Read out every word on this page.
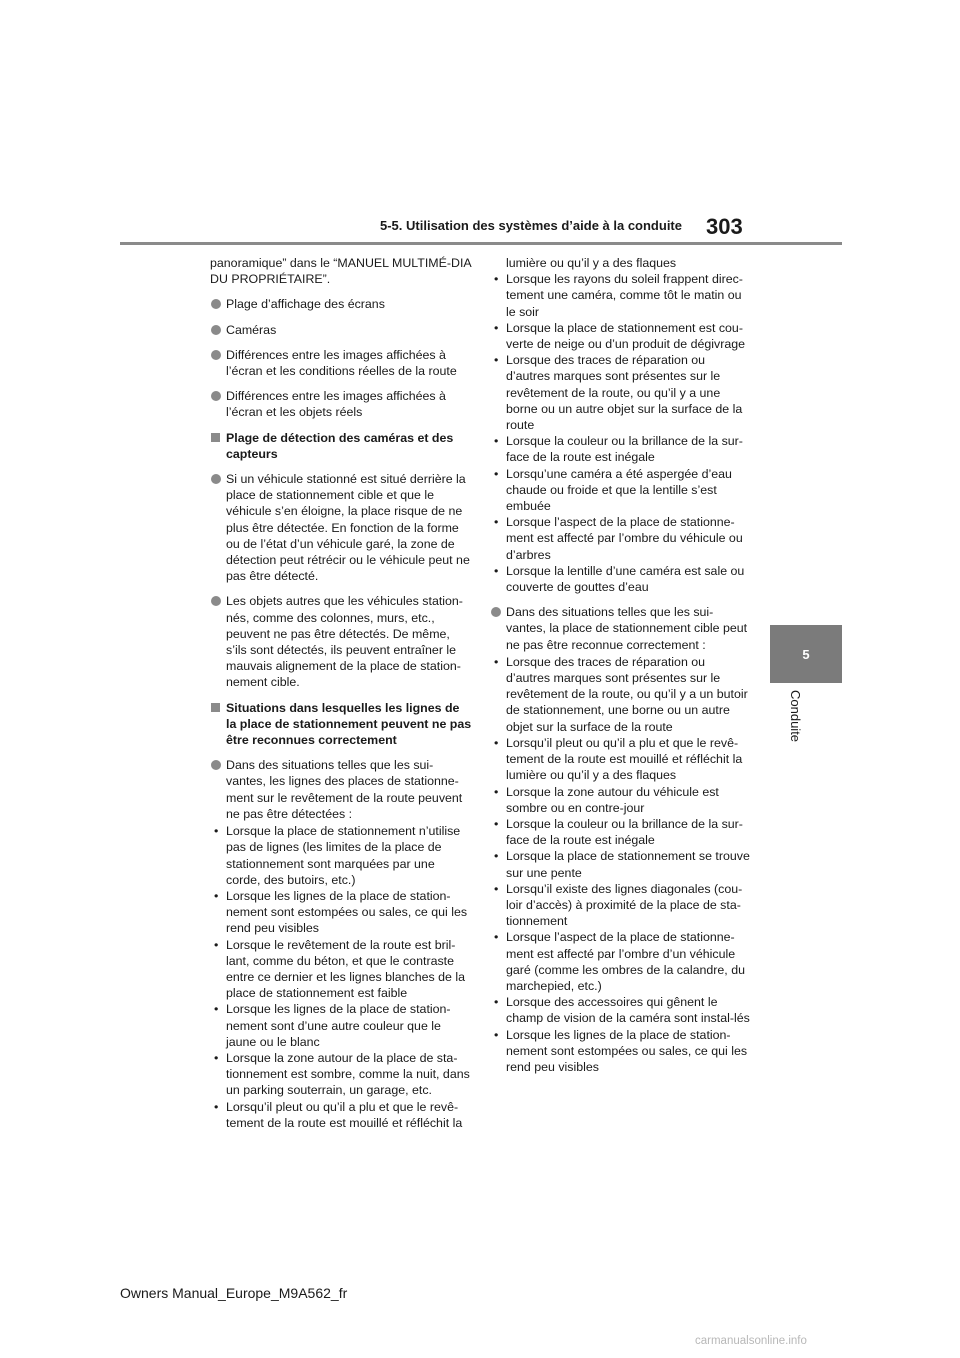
5-5. Utilisation des systèmes d’aide à la conduite	303
5
Conduite

panoramique” dans le “MANUEL MULTIMÉ-DIA DU PROPRIÉTAIRE”.

Plage d’affichage des écrans
Caméras
Différences entre les images affichées à l’écran et les conditions réelles de la route
Différences entre les images affichées à l’écran et les objets réels
Plage de détection des caméras et des capteurs
Si un véhicule stationné est situé derrière la place de stationnement cible et que le véhicule s’en éloigne, la place risque de ne plus être détectée. En fonction de la forme ou de l’état d’un véhicule garé, la zone de détection peut rétrécir ou le véhicule peut ne pas être détecté.
Les objets autres que les véhicules station-nés, comme des colonnes, murs, etc., peuvent ne pas être détectés. De même, s’ils sont détectés, ils peuvent entraîner le mauvais alignement de la place de station-nement cible.
Situations dans lesquelles les lignes de la place de stationnement peuvent ne pas être reconnues correctement
Dans des situations telles que les sui-vantes, les lignes des places de stationne-ment sur le revêtement de la route peuvent ne pas être détectées :
• Lorsque la place de stationnement n’utilise pas de lignes (les limites de la place de stationnement sont marquées par une corde, des butoirs, etc.)
• Lorsque les lignes de la place de station-nement sont estompées ou sales, ce qui les rend peu visibles
• Lorsque le revêtement de la route est bril-lant, comme du béton, et que le contraste entre ce dernier et les lignes blanches de la place de stationnement est faible
• Lorsque les lignes de la place de station-nement sont d’une autre couleur que le jaune ou le blanc
• Lorsque la zone autour de la place de sta-tionnement est sombre, comme la nuit, dans un parking souterrain, un garage, etc.
• Lorsqu’il pleut ou qu’il a plu et que le revê-tement de la route est mouillé et réfléchit la
lumière ou qu’il y a des flaques
• Lorsque les rayons du soleil frappent direc-tement une caméra, comme tôt le matin ou le soir
• Lorsque la place de stationnement est cou-verte de neige ou d’un produit de dégivrage
• Lorsque des traces de réparation ou d’autres marques sont présentes sur le revêtement de la route, ou qu’il y a une borne ou un autre objet sur la surface de la route
• Lorsque la couleur ou la brillance de la sur-face de la route est inégale
• Lorsqu’une caméra a été aspergée d’eau chaude ou froide et que la lentille s’est embuée
• Lorsque l’aspect de la place de stationne-ment est affecté par l’ombre du véhicule ou d’arbres
• Lorsque la lentille d’une caméra est sale ou couverte de gouttes d’eau
Dans des situations telles que les sui-vantes, la place de stationnement cible peut ne pas être reconnue correctement :
• Lorsque des traces de réparation ou d’autres marques sont présentes sur le revêtement de la route, ou qu’il y a un butoir de stationnement, une borne ou un autre objet sur la surface de la route
• Lorsqu’il pleut ou qu’il a plu et que le revê-tement de la route est mouillé et réfléchit la lumière ou qu’il y a des flaques
• Lorsque la zone autour du véhicule est sombre ou en contre-jour
• Lorsque la couleur ou la brillance de la sur-face de la route est inégale
• Lorsque la place de stationnement se trouve sur une pente
• Lorsqu’il existe des lignes diagonales (cou-loir d’accès) à proximité de la place de sta-tionnement
• Lorsque l’aspect de la place de stationne-ment est affecté par l’ombre d’un véhicule garé (comme les ombres de la calandre, du marchepied, etc.)
• Lorsque des accessoires qui gênent le champ de vision de la caméra sont instal-lés
• Lorsque les lignes de la place de station-nement sont estompées ou sales, ce qui les rend peu visibles
Owners Manual_Europe_M9A562_fr
carmanualsonline.info
